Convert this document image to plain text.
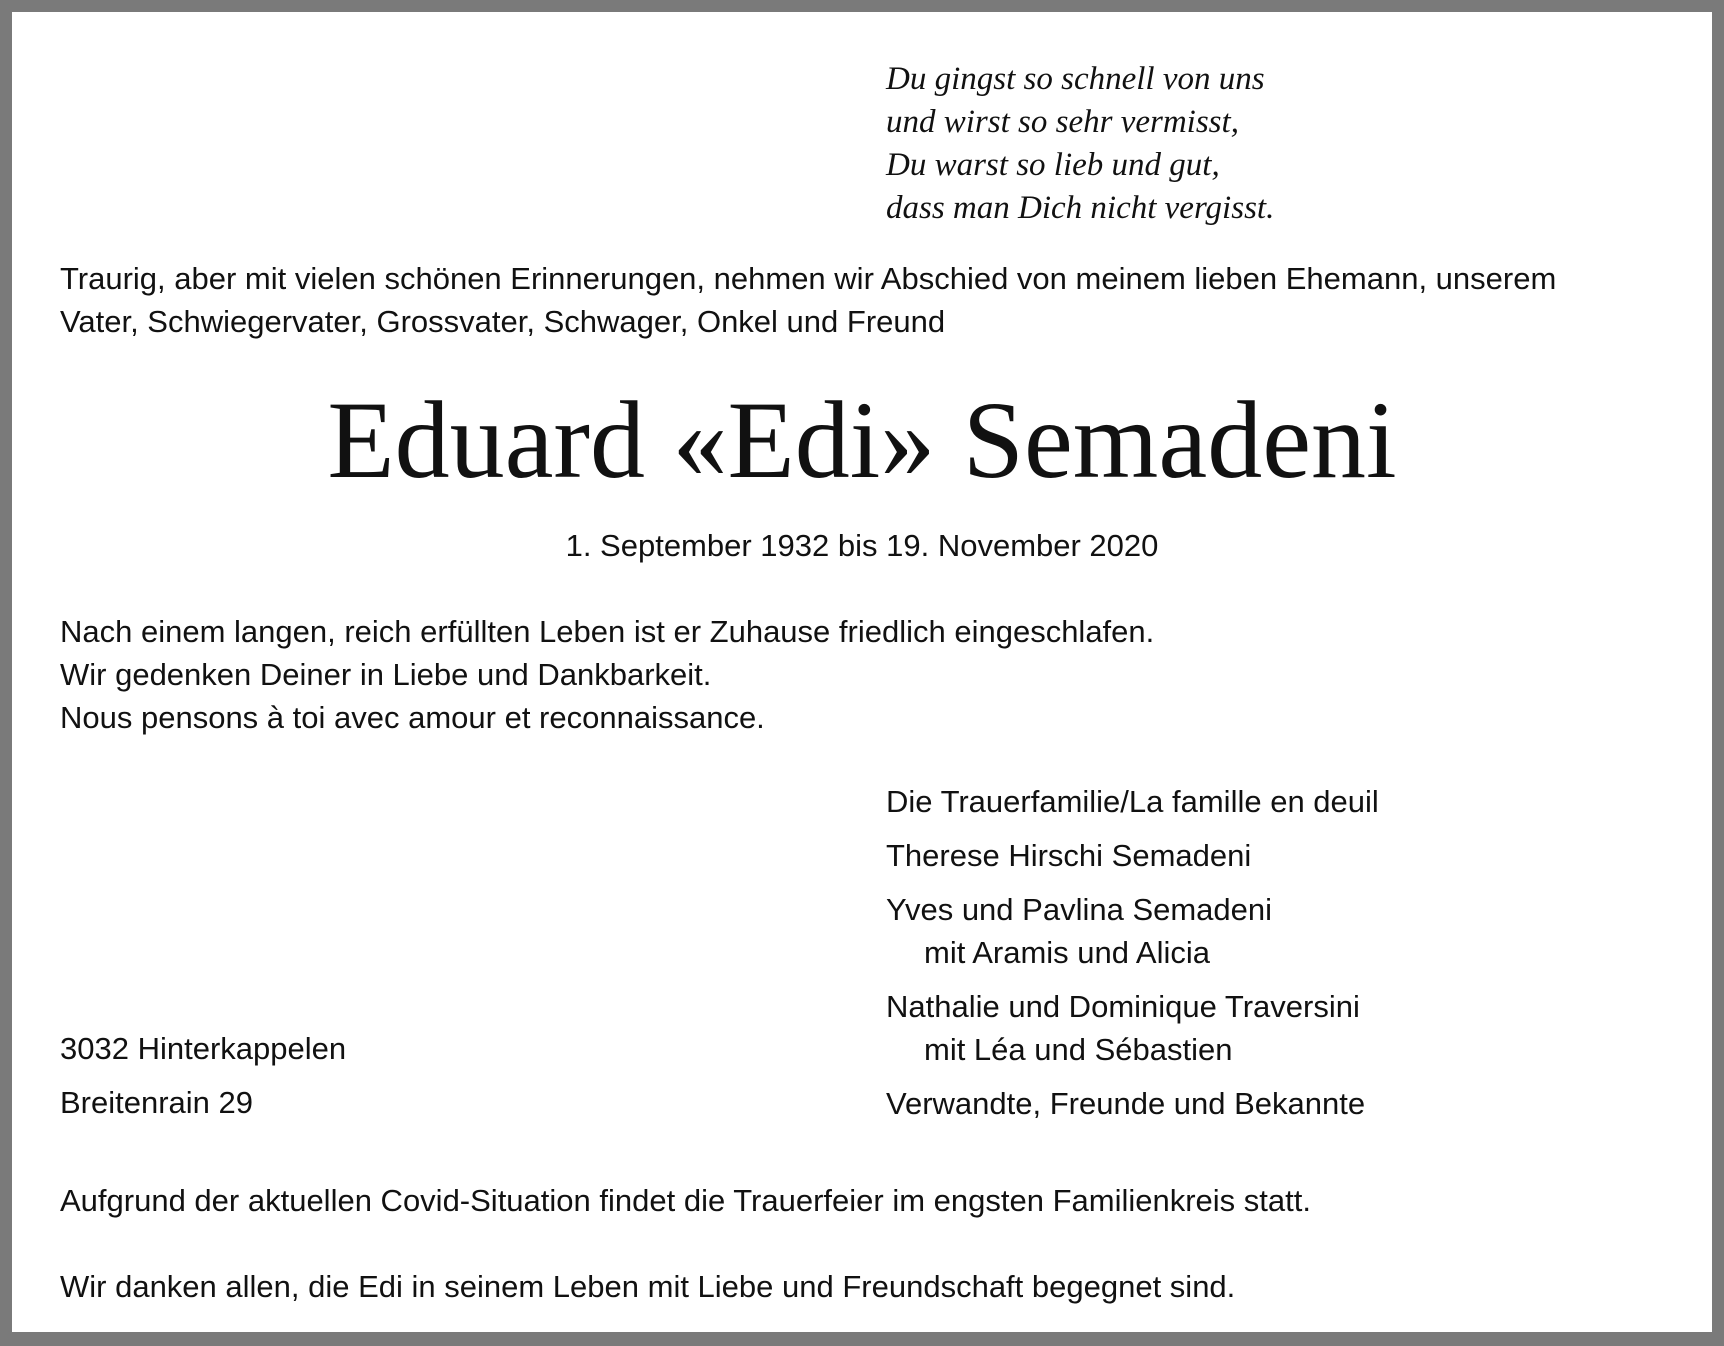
Du gingst so schnell von uns
und wirst so sehr vermisst,
Du warst so lieb und gut,
dass man Dich nicht vergisst.
Traurig, aber mit vielen schönen Erinnerungen, nehmen wir Abschied von meinem lieben Ehemann, unserem
Vater, Schwiegervater, Grossvater, Schwager, Onkel und Freund
Eduard «Edi» Semadeni
1. September 1932 bis 19. November 2020
Nach einem langen, reich erfüllten Leben ist er Zuhause friedlich eingeschlafen.
Wir gedenken Deiner in Liebe und Dankbarkeit.
Nous pensons à toi avec amour et reconnaissance.
Die Trauerfamilie/La famille en deuil
Therese Hirschi Semadeni
Yves und Pavlina Semadeni
mit Aramis und Alicia
Nathalie und Dominique Traversini
mit Léa und Sébastien
Verwandte, Freunde und Bekannte
3032 Hinterkappelen
Breitenrain 29
Aufgrund der aktuellen Covid-Situation findet die Trauerfeier im engsten Familienkreis statt.
Wir danken allen, die Edi in seinem Leben mit Liebe und Freundschaft begegnet sind.
